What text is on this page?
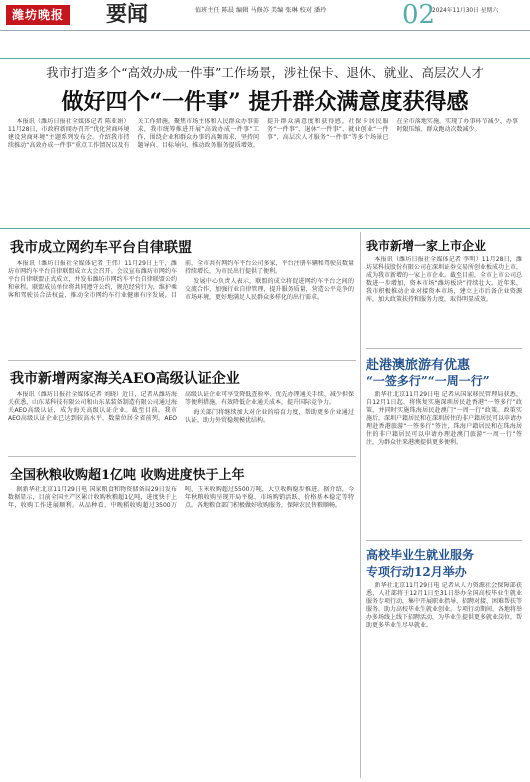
潍坊晚报 要闻	值班主任 陈晨 编辑 马修苏 美编 张琳 校对 潘玲	02
2024年11月30日 星期六
我市打造多个“高效办成一件事”工作场景，涉社保卡、退休、就业、高层次人才
做好四个“一件事” 提升群众满意度获得感

本报讯（潍坊日报社全媒体记者 陈亚娟）11月28日，市政府新闻办召开“优化营商环境 建设营商环境”主题系列发布会。介绍我市持续推动“高效办成一件事”重点工作情况以及有关工作措施。聚焦市场主体和人民群众办事需求，我市统筹推进开展“高效办成一件事”工作，围绕企业和群众办事的高频需求，坚持问题导向、目标导向，推动政务服务提质增效，提升群众满意度和获得感。社保卡居民服务“一件事”、退休“一件事”、就业创业“一件事”、高层次人才服务“一件事”等多个场景已在全市落地实施，实现了办事环节减少、办事时限压缩、群众跑动次数减少。

我市成立网约车平台自律联盟

本报讯（潍坊日报社全媒体记者 王伟）11月29日上午，潍坊市网约车平台自律联盟成立大会召开。会议宣布潍坊市网约车平台自律联盟正式成立，并发布潍坊市网约车平台自律联盟公约和章程。联盟成员单位将共同遵守公约，规范经营行为，维护乘客和驾驶员合法权益，推动全市网约车行业健康有序发展。目前，全市共有网约车平台公司多家，平台注册车辆和驾驶员数量持续增长，为市民出行提供了便利。

发展中心负责人表示，联盟的成立将促进网约车平台之间的交流合作，加强行业自律管理，提升服务质量，营造公平竞争的市场环境，更好地满足人民群众多样化的出行需求。

我市新增两家海关AEO高级认证企业

本报讯（潍坊日报社全媒体记者 刘晓）近日，记者从潍坊海关获悉，山东某科技有限公司和山东某装备制造有限公司通过海关AEO高级认证，成为海关高级认证企业。截至目前，我市AEO高级认证企业已达到较高水平，数量位居全省前列。AEO高级认证企业可享受降低查验率、优先办理通关手续、减少担保等便利措施，有效降低企业通关成本，提升国际竞争力。

海关部门将继续加大对企业的培育力度，帮助更多企业通过认证，助力外贸稳规模优结构。

全国秋粮收购超1亿吨 收购进度快于上年

据新华社北京11月29日电 国家粮食和物资储备局29日发布数据显示，目前全国主产区累计收购秋粮超1亿吨，进度快于上年，收购工作进展顺利。从品种看，中晚稻收购超过3500万吨，玉米收购超过5500万吨，大豆收购稳步推进。据介绍，今年秋粮收购呈现开局平稳、市场购销活跃、价格基本稳定等特点。各地粮食部门积极做好收购服务，保障农民售粮顺畅。

我市新增一家上市企业

本报讯（潍坊日报社全媒体记者 李明）11月28日，潍坊某科技股份有限公司在深圳证券交易所创业板成功上市，成为我市新增的一家上市企业。截至目前，全市上市公司总数进一步增加，资本市场“潍坊板块”持续壮大。近年来，我市积极推动企业对接资本市场，建立上市后备企业资源库，加大政策扶持和服务力度，取得明显成效。

赴港澳旅游有优惠
“一签多行”“一周一行”

新华社北京11月29日电 记者从国家移民管理局获悉，自12月1日起，将恢复实施深圳居民赴香港“一签多行”政策，并同时实施珠海居民赴澳门“一周一行”政策。政策实施后，深圳户籍居民和在深圳居住的非户籍居民可以申请办理赴香港旅游“一签多行”签注，珠海户籍居民和在珠海居住的非户籍居民可以申请办理赴澳门旅游“一周一行”签注，为群众往来港澳提供更多便利。

高校毕业生就业服务
专项行动12月举办

新华社北京11月29日电 记者从人力资源社会保障部获悉，人社部将于12月1日至31日举办全国高校毕业生就业服务专项行动，集中开展职业指导、招聘对接、困难帮扶等服务，助力高校毕业生就业创业。专项行动期间，各地将举办多场线上线下招聘活动，为毕业生提供更多就业岗位，帮助更多毕业生尽早就业。
